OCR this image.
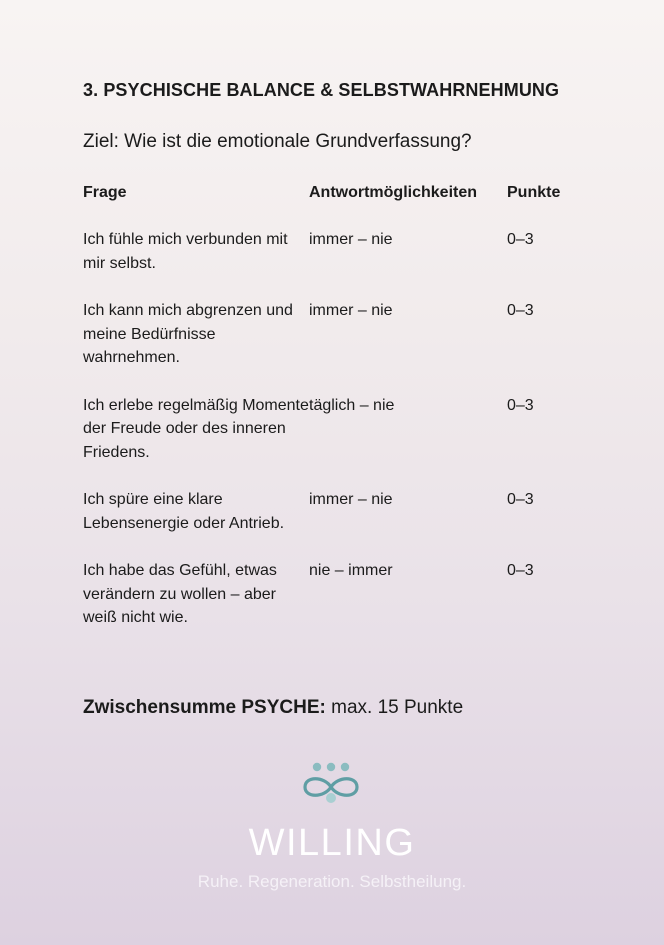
3. PSYCHISCHE BALANCE & SELBSTWAHRNEHMUNG
Ziel: Wie ist die emotionale Grundverfassung?
Frage	Antwortmöglichkeiten	Punkte

Ich fühle mich verbunden mit mir selbst.	immer – nie	0–3

Ich kann mich abgrenzen und meine Bedürfnisse wahrnehmen.	immer – nie	0–3

Ich erlebe regelmäßig Momente der Freude oder des inneren Friedens.	täglich – nie	0–3

Ich spüre eine klare Lebensenergie oder Antrieb.	immer – nie	0–3

Ich habe das Gefühl, etwas verändern zu wollen – aber weiß nicht wie.	nie – immer	0–3
Zwischensumme PSYCHE: max. 15 Punkte
WILLING
Ruhe. Regeneration. Selbstheilung.
